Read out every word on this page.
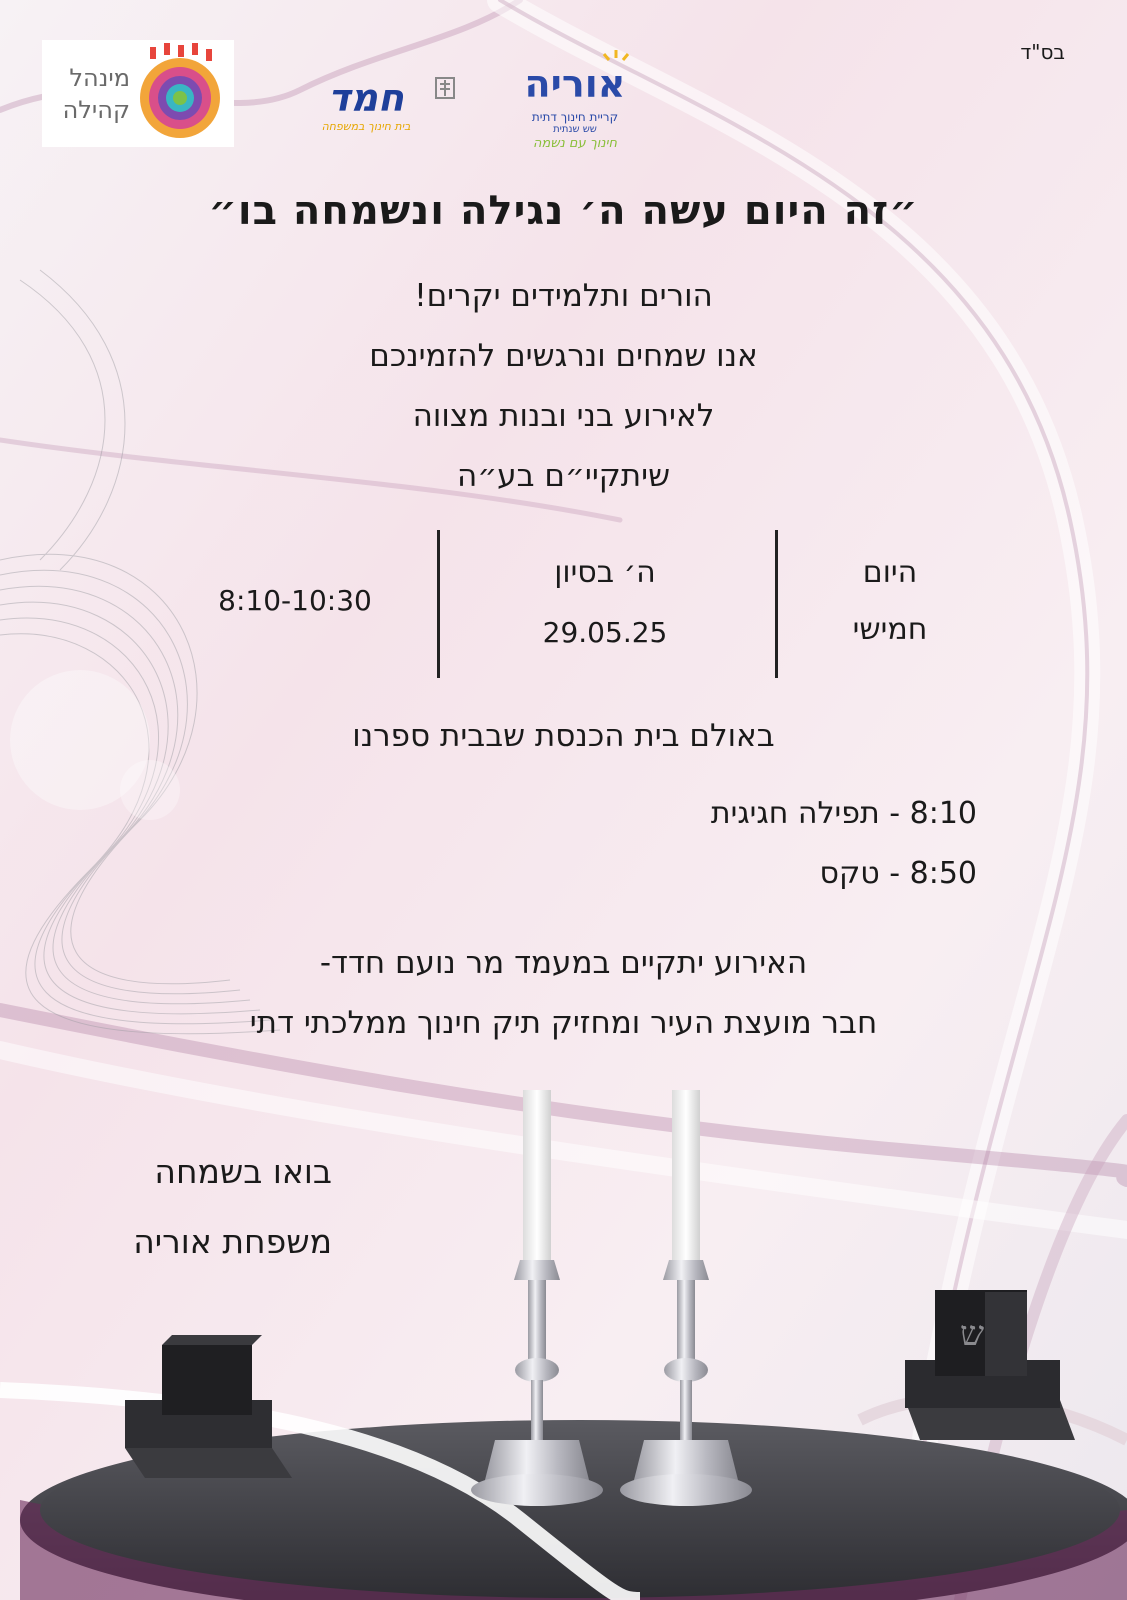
ש
בס"ד
מינהל
קהילה	חמד
בית חינוך במשפחה
אוריה
קריית חינוך דתית
שש שנתית
חינוך עם נשמה
״זה היום עשה ה׳ נגילה ונשמחה בו״
הורים ותלמידים יקרים!
אנו שמחים ונרגשים להזמינכם
לאירוע בני ובנות מצווה
שיתקיי״ם בע״ה
היום
חמישי
ה׳ בסיון
29.05.25
8:10-10:30
באולם בית הכנסת שבבית ספרנו
8:10 - תפילה חגיגית
8:50 - טקס
האירוע יתקיים במעמד מר נועם חדד-
חבר מועצת העיר ומחזיק תיק חינוך ממלכתי דתי
בואו בשמחה
משפחת אוריה
